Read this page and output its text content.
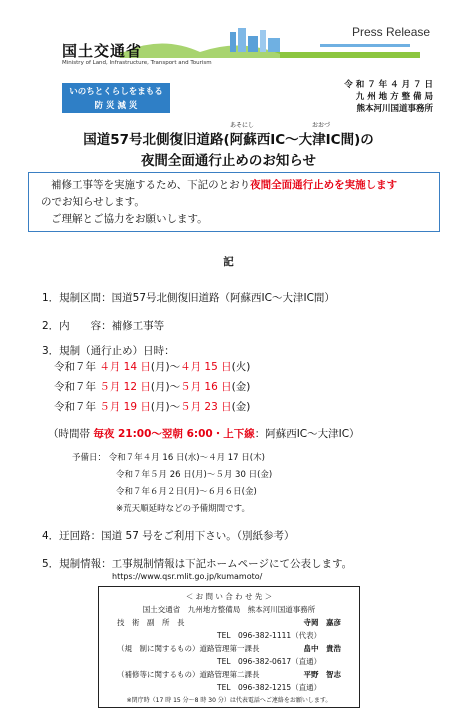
国土交通省
Ministry of Land, Infrastructure, Transport and Tourism
Press Release
いのちとくらしをまもる
防 災 減 災
令 和 ７ 年 ４ 月 ７ 日
九 州 地 方 整 備 局
熊本河川国道事務所
あそにし	おおづ
国道57号北側復旧道路(阿蘇西IC～大津IC間)の
夜間全面通行止めのお知らせ
補修工事等を実施するため、下記のとおり夜間全面通行止めを実施します
のでお知らせします。
ご理解とご協力をお願いします。
記
1．規制区間：国道57号北側復旧道路（阿蘇西IC～大津IC間）
2．内　　容：補修工事等
3．規制（通行止め）日時：
令和７年 ４月 14 日(月)～４月 15 日(火)
令和７年 ５月 12 日(月)～５月 16 日(金)
令和７年 ５月 19 日(月)～５月 23 日(金)
（時間帯 毎夜 21:00～翌朝 6:00・上下線：阿蘇西IC～大津IC）
予備日： 令和７年４月 16 日(水)～４月 17 日(木)
令和７年５月 26 日(月)～５月 30 日(金)
令和７年６月２日(月)～６月６日(金)
※荒天順延時などの予備期間です。
4．迂回路：国道 57 号をご利用下さい。（別紙参考）
5．規制情報：工事規制情報は下記ホームページにて公表します。
https://www.qsr.mlit.go.jp/kumamoto/
＜ お 問 い 合 わ せ 先 ＞
国土交通省　九州地方整備局　熊本河川国道事務所
技　術　副　所　長	寺岡　嘉彦
TEL　096-382-1111（代表）
（規　制に関するもの）道路管理第一課長	畠中　貴浩
TEL　096-382-0617（直通）
（補修等に関するもの）道路管理第二課長	平野　智志
TEL　096-382-1215（直通）
※閉庁時（17 時 15 分～8 時 30 分）は代表電話へご連絡をお願いします。
